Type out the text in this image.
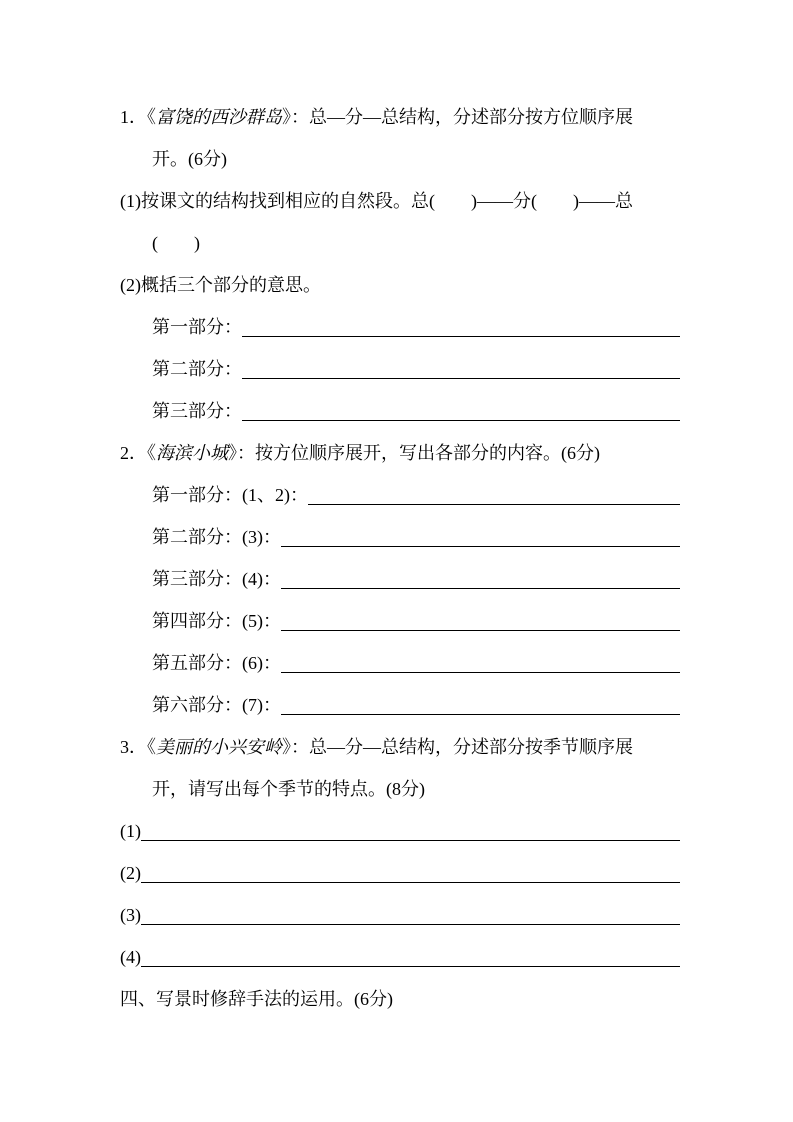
1．《 富饶的西沙群岛 》：总—分—总结构，分述部分按方位顺序展
开。(6分)
(1)按课文的结构找到相应的自然段。总(　　)——分(　　)——总
(　　)
(2)概括三个部分的意思。
第一部分：
第二部分：
第三部分：
2．《 海滨小城 》：按方位顺序展开，写出各部分的内容。(6分)
第一部分：(1、2)：
第二部分：(3)：
第三部分：(4)：
第四部分：(5)：
第五部分：(6)：
第六部分：(7)：
3．《 美丽的小兴安岭 》：总—分—总结构，分述部分按季节顺序展
开，请写出每个季节的特点。(8分)
(1)
(2)
(3)
(4)
四、写景时修辞手法的运用。(6分)
